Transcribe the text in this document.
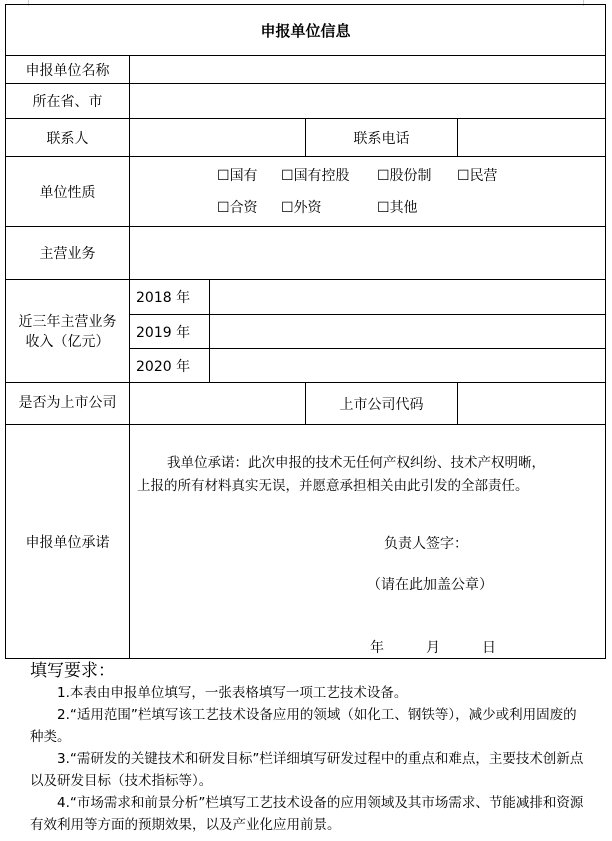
申报单位信息
申报单位名称
所在省、市
联系人	联系电话
单位性质
☐国有 ☐国有控股 ☐股份制 ☐民营
☐合资 ☐外资	☐其他
主营业务
近三年主营业务收入（亿元）
2018 年
2019 年
2020 年
是否为上市公司	上市公司代码
申报单位承诺
我单位承诺：此次申报的技术无任何产权纠纷、技术产权明晰，
上报的所有材料真实无误，并愿意承担相关由此引发的全部责任。
负责人签字：
（请在此加盖公章）
年	月	日
填写要求：

1.本表由申报单位填写，一张表格填写一项工艺技术设备。

2.“适用范围”栏填写该工艺技术设备应用的领域（如化工、钢铁等），减少或利用固废的种类。

3.“需研发的关键技术和研发目标”栏详细填写研发过程中的重点和难点，主要技术创新点以及研发目标（技术指标等）。

4.“市场需求和前景分析”栏填写工艺技术设备的应用领域及其市场需求、节能减排和资源有效利用等方面的预期效果，以及产业化应用前景。
